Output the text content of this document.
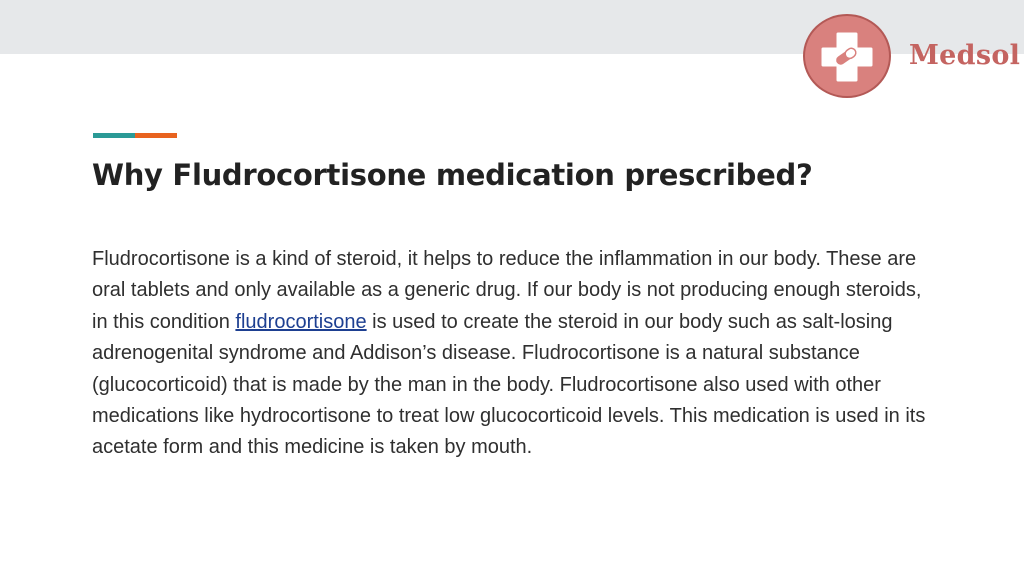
Medsol
Why Fludrocortisone medication prescribed?

Fludrocortisone is a kind of steroid, it helps to reduce the inflammation in our body. These are oral tablets and only available as a generic drug. If our body is not producing enough steroids, in this condition fludrocortisone is used to create the steroid in our body such as salt-losing adrenogenital syndrome and Addison’s disease. Fludrocortisone is a natural substance (glucocorticoid) that is made by the man in the body. Fludrocortisone also used with other medications like hydrocortisone to treat low glucocorticoid levels. This medication is used in its acetate form and this medicine is taken by mouth.
